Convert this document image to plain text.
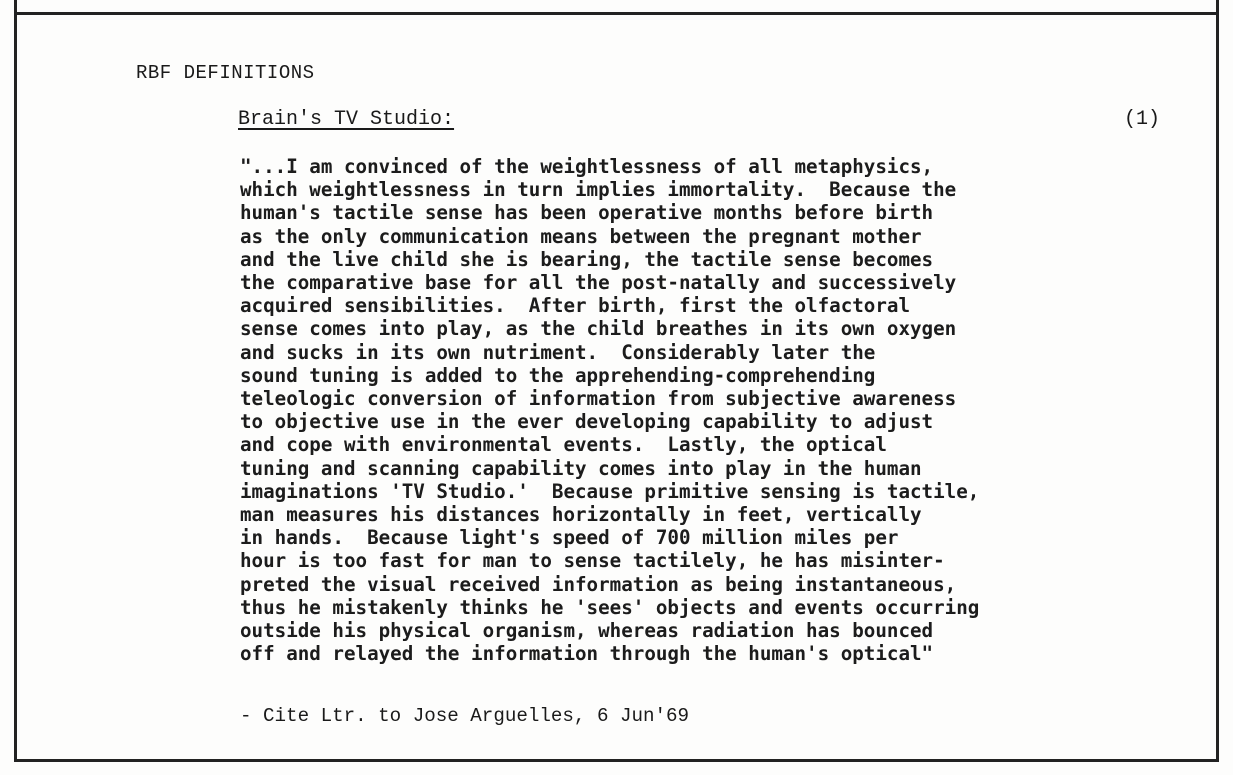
RBF DEFINITIONS
Brain's TV Studio:	(1)
"...I am convinced of the weightlessness of all metaphysics,
which weightlessness in turn implies immortality.  Because the
human's tactile sense has been operative months before birth
as the only communication means between the pregnant mother
and the live child she is bearing, the tactile sense becomes
the comparative base for all the post-natally and successively
acquired sensibilities.  After birth, first the olfactoral
sense comes into play, as the child breathes in its own oxygen
and sucks in its own nutriment.  Considerably later the
sound tuning is added to the apprehending-comprehending
teleologic conversion of information from subjective awareness
to objective use in the ever developing capability to adjust
and cope with environmental events.  Lastly, the optical
tuning and scanning capability comes into play in the human
imaginations 'TV Studio.'  Because primitive sensing is tactile,
man measures his distances horizontally in feet, vertically
in hands.  Because light's speed of 700 million miles per
hour is too fast for man to sense tactilely, he has misinter-
preted the visual received information as being instantaneous,
thus he mistakenly thinks he 'sees' objects and events occurring
outside his physical organism, whereas radiation has bounced
off and relayed the information through the human's optical"
- Cite Ltr. to Jose Arguelles, 6 Jun'69
